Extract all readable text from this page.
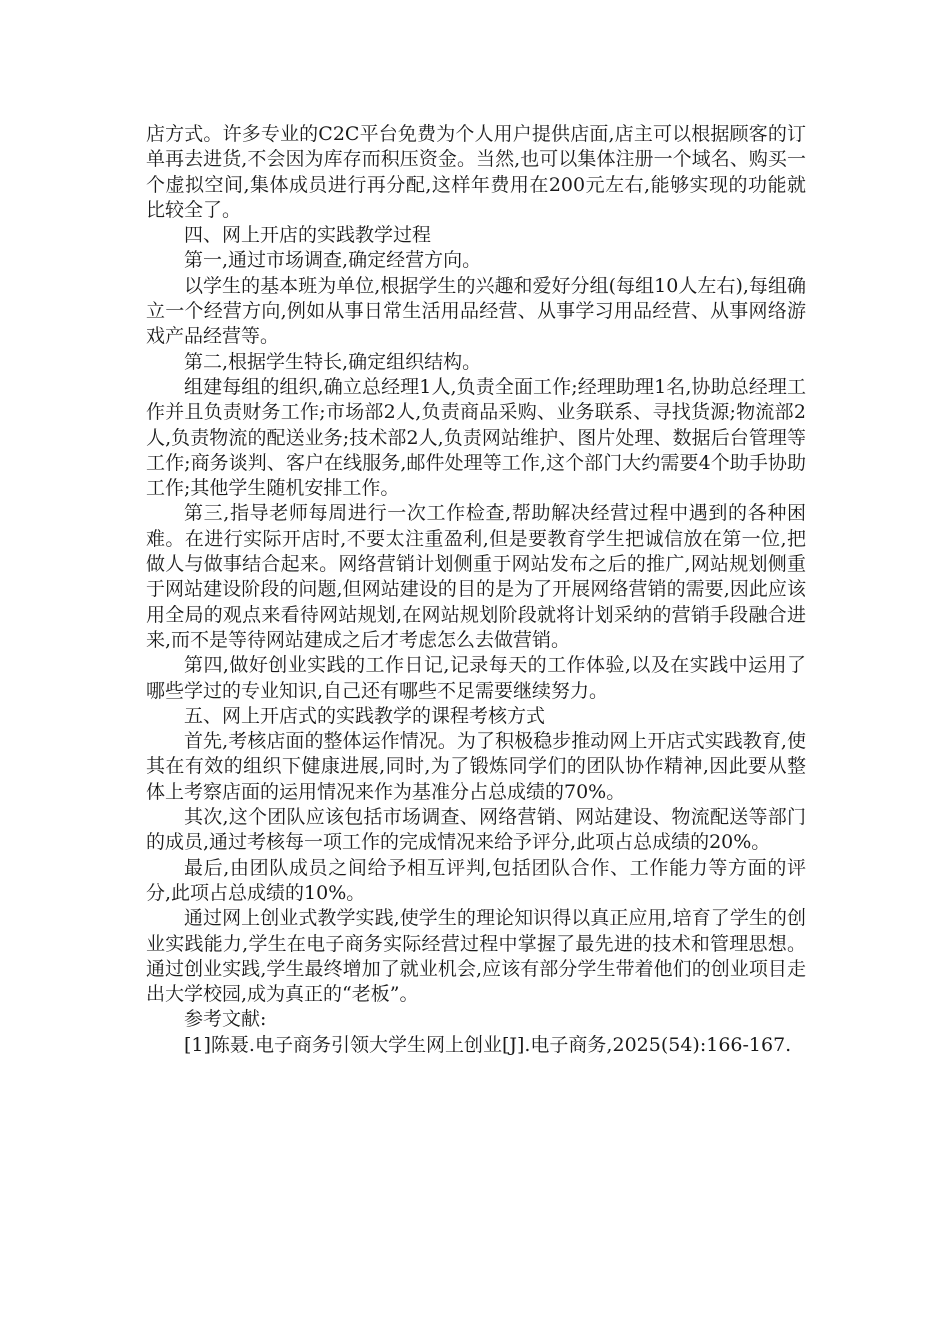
店方式。许多专业的C2C平台免费为个人用户提供店面,店主可以根据顾客的订单再去进货,不会因为库存而积压资金。当然,也可以集体注册一个域名、购买一个虚拟空间,集体成员进行再分配,这样年费用在200元左右,能够实现的功能就比较全了。

四、网上开店的实践教学过程

第一,通过市场调查,确定经营方向。

以学生的基本班为单位,根据学生的兴趣和爱好分组(每组10人左右),每组确立一个经营方向,例如从事日常生活用品经营、从事学习用品经营、从事网络游戏产品经营等。

第二,根据学生特长,确定组织结构。

组建每组的组织,确立总经理1人,负责全面工作;经理助理1名,协助总经理工作并且负责财务工作;市场部2人,负责商品采购、业务联系、寻找货源;物流部2人,负责物流的配送业务;技术部2人,负责网站维护、图片处理、数据后台管理等工作;商务谈判、客户在线服务,邮件处理等工作,这个部门大约需要4个助手协助工作;其他学生随机安排工作。

第三,指导老师每周进行一次工作检查,帮助解决经营过程中遇到的各种困难。在进行实际开店时,不要太注重盈利,但是要教育学生把诚信放在第一位,把做人与做事结合起来。网络营销计划侧重于网站发布之后的推广,网站规划侧重于网站建设阶段的问题,但网站建设的目的是为了开展网络营销的需要,因此应该用全局的观点来看待网站规划,在网站规划阶段就将计划采纳的营销手段融合进来,而不是等待网站建成之后才考虑怎么去做营销。

第四,做好创业实践的工作日记,记录每天的工作体验,以及在实践中运用了哪些学过的专业知识,自己还有哪些不足需要继续努力。

五、网上开店式的实践教学的课程考核方式

首先,考核店面的整体运作情况。为了积极稳步推动网上开店式实践教育,使其在有效的组织下健康进展,同时,为了锻炼同学们的团队协作精神,因此要从整体上考察店面的运用情况来作为基准分占总成绩的70%。

其次,这个团队应该包括市场调查、网络营销、网站建设、物流配送等部门的成员,通过考核每一项工作的完成情况来给予评分,此项占总成绩的20%。

最后,由团队成员之间给予相互评判,包括团队合作、工作能力等方面的评分,此项占总成绩的10%。

通过网上创业式教学实践,使学生的理论知识得以真正应用,培育了学生的创业实践能力,学生在电子商务实际经营过程中掌握了最先进的技术和管理思想。通过创业实践,学生最终增加了就业机会,应该有部分学生带着他们的创业项目走出大学校园,成为真正的“老板”。

参考文献:

[1]陈聂.电子商务引领大学生网上创业[J].电子商务,2025(54):166-167.
